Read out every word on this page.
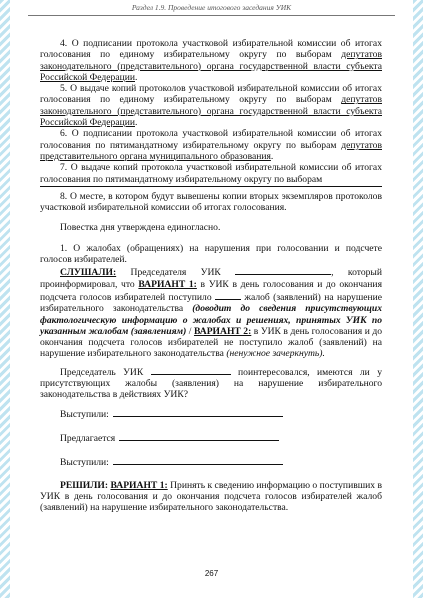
Раздел 1.9. Проведение итогового заседания УИК

4. О подписании протокола участковой избирательной комиссии об итогах голосования по единому избирательному округу по выборам депутатов законодательного (представительного) органа государственной власти субъекта Российской Федерации.

5. О выдаче копий протоколов участковой избирательной комиссии об итогах голосования по единому избирательному округу по выборам депутатов законодательного (представительного) органа государственной власти субъекта Российской Федерации.

6. О подписании протокола участковой избирательной комиссии об итогах голосования по пятимандатному избирательному округу по выборам депутатов представительного органа муниципального образования.

7. О выдаче копий протокола участковой избирательной комиссии об итогах голосования по пятимандатному избирательному округу по выборам

8. О месте, в котором будут вывешены копии вторых экземпляров протоколов участковой избирательной комиссии об итогах голосования.

Повестка дня утверждена единогласно.

1. О жалобах (обращениях) на нарушения при голосовании и подсчете голосов избирателей.

СЛУШАЛИ: Председателя УИК	, который проинформировал, что ВАРИАНТ 1: в УИК в день голосования и до окончания подсчета голосов избирателей поступило	жалоб (заявлений) на нарушение избирательного законодательства (доводит до сведения присутствующих фактологическую информацию о жалобах и решениях, принятых УИК по указанным жалобам (заявлениям) / ВАРИАНТ 2: в УИК в день голосования и до окончания подсчета голосов избирателей не поступило жалоб (заявлений) на нарушение избирательного законодательства (ненужное зачеркнуть).

Председатель УИК	поинтересовался, имеются ли у присутствующих жалобы (заявления) на нарушение избирательного законодательства в действиях УИК?

Выступили:

Предлагается

Выступили:

РЕШИЛИ: ВАРИАНТ 1: Принять к сведению информацию о поступивших в УИК в день голосования и до окончания подсчета голосов избирателей жалоб (заявлений) на нарушение избирательного законодательства.

267
